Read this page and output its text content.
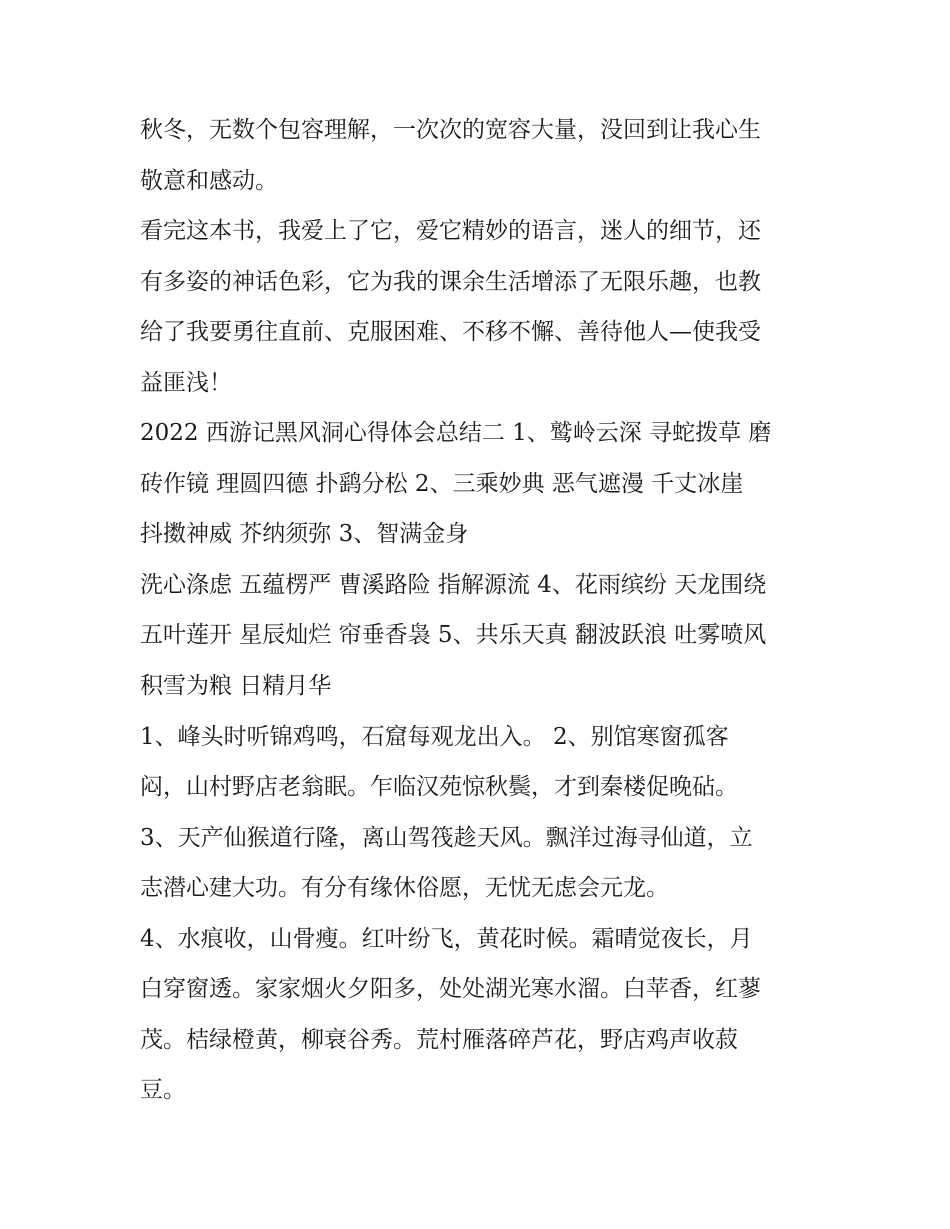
秋冬，无数个包容理解，一次次的宽容大量，没回到让我心生
敬意和感动。
看完这本书，我爱上了它，爱它精妙的语言，迷人的细节，还
有多姿的神话色彩，它为我的课余生活增添了无限乐趣，也教
给了我要勇往直前、克服困难、不移不懈、善待他人—使我受
益匪浅！
2022 西游记黑风洞心得体会总结二 1、鹫岭云深 寻蛇拨草 磨
砖作镜 理圆四德 扑鹞分松 2、三乘妙典 恶气遮漫 千丈冰崖
抖擞神威 芥纳须弥 3、智满金身
洗心涤虑 五蕴楞严 曹溪路险 指解源流 4、花雨缤纷 天龙围绕
五叶莲开 星辰灿烂 帘垂香袅 5、共乐天真 翻波跃浪 吐雾喷风
积雪为粮 日精月华
1、峰头时听锦鸡鸣，石窟每观龙出入。 2、别馆寒窗孤客
闷，山村野店老翁眠。乍临汉苑惊秋鬓，才到秦楼促晚砧。
3、天产仙猴道行隆，离山驾筏趁天风。飘洋过海寻仙道，立
志潜心建大功。有分有缘休俗愿，无忧无虑会元龙。
4、水痕收，山骨瘦。红叶纷飞，黄花时候。霜晴觉夜长，月
白穿窗透。家家烟火夕阳多，处处湖光寒水溜。白苹香，红蓼
茂。桔绿橙黄，柳衰谷秀。荒村雁落碎芦花，野店鸡声收菽
豆。
